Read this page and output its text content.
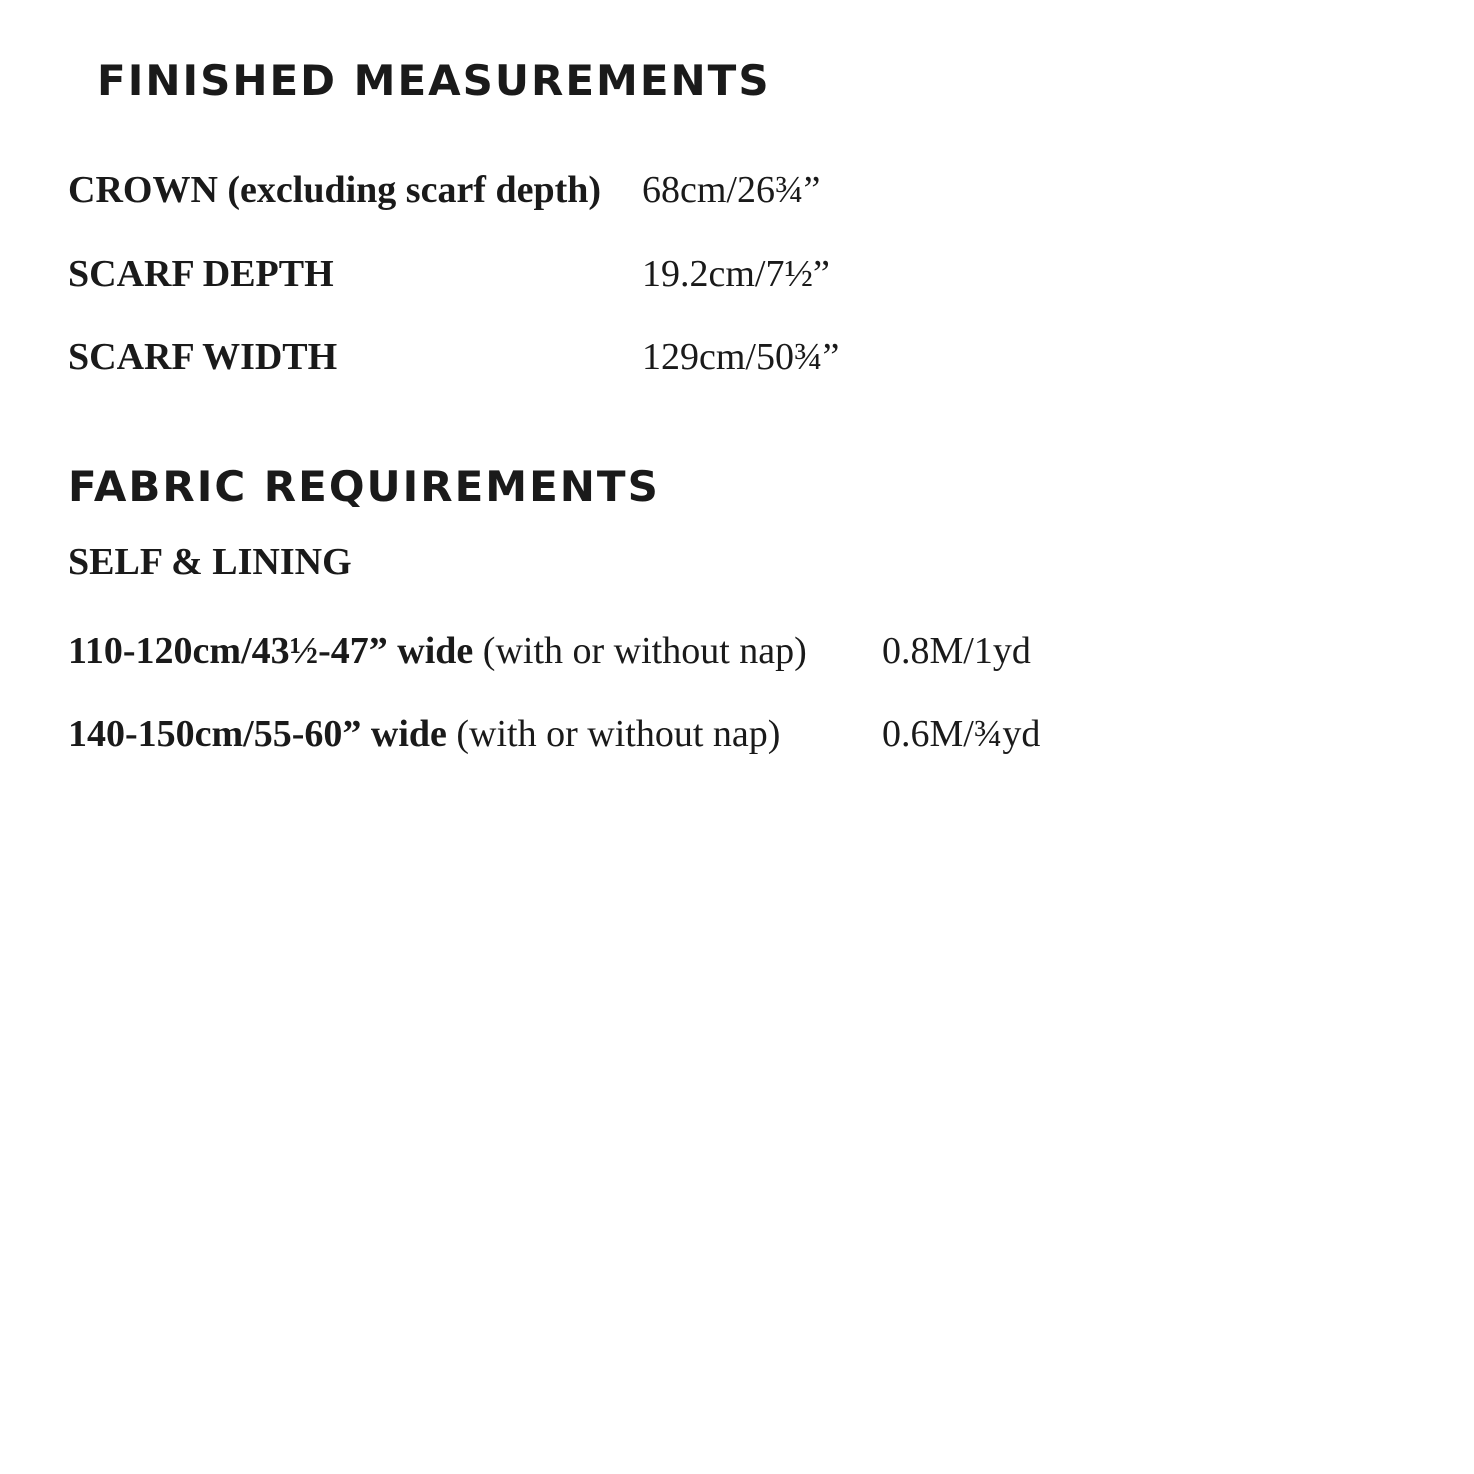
FINISHED MEASUREMENTS
CROWN (excluding scarf depth) 68cm/26¾”
SCARF DEPTH	19.2cm/7½”
SCARF WIDTH	129cm/50¾”
FABRIC REQUIREMENTS
SELF & LINING
110-120cm/43½-47” wide (with or without nap) 0.8M/1yd
140-150cm/55-60” wide (with or without nap)	0.6M/¾yd
